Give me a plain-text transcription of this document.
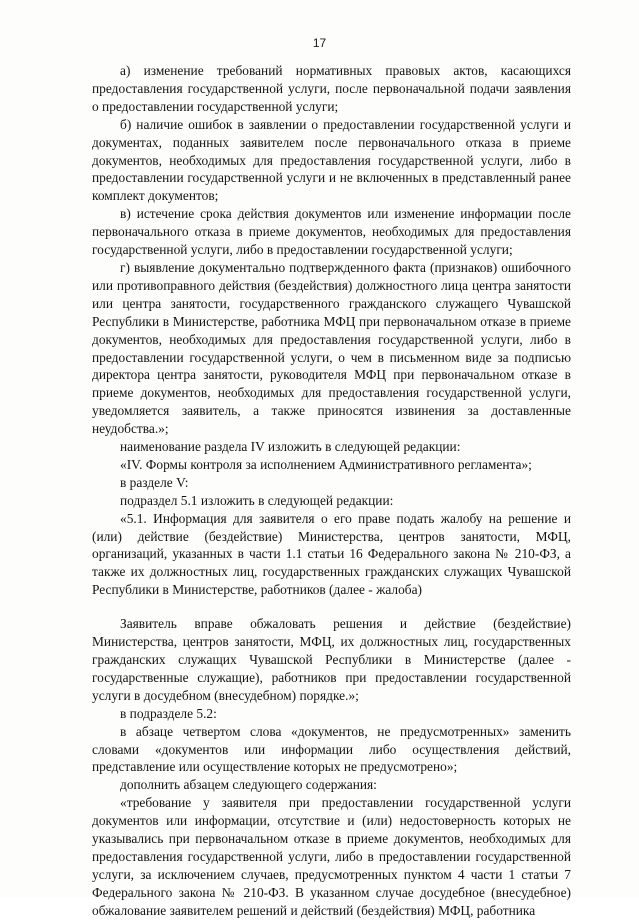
17

а) изменение требований нормативных правовых актов, касающихся предоставления государственной услуги, после первоначальной подачи заявления о предоставлении государственной услуги;

б) наличие ошибок в заявлении о предоставлении государственной услуги и документах, поданных заявителем после первоначального отказа в приеме документов, необходимых для предоставления государственной услуги, либо в предоставлении государственной услуги и не включенных в представленный ранее комплект документов;

в) истечение срока действия документов или изменение информации после первоначального отказа в приеме документов, необходимых для предоставления государственной услуги, либо в предоставлении государственной услуги;

г) выявление документально подтвержденного факта (признаков) ошибочного или противоправного действия (бездействия) должностного лица центра занятости или центра занятости, государственного гражданского служащего Чувашской Республики в Министерстве, работника МФЦ при первоначальном отказе в приеме документов, необходимых для предоставления государственной услуги, либо в предоставлении государственной услуги, о чем в письменном виде за подписью директора центра занятости, руководителя МФЦ при первоначальном отказе в приеме документов, необходимых для предоставления государственной услуги, уведомляется заявитель, а также приносятся извинения за доставленные неудобства.»;

наименование раздела IV изложить в следующей редакции:

«IV. Формы контроля за исполнением Административного регламента»;

в разделе V:

подраздел 5.1 изложить в следующей редакции:

«5.1. Информация для заявителя о его праве подать жалобу на решение и (или) действие (бездействие) Министерства, центров занятости, МФЦ, организаций, указанных в части 1.1 статьи 16 Федерального закона № 210-ФЗ, а также их должностных лиц, государственных гражданских служащих Чувашской Республики в Министерстве, работников (далее - жалоба)

Заявитель вправе обжаловать решения и действие (бездействие) Министерства, центров занятости, МФЦ, их должностных лиц, государственных гражданских служащих Чувашской Республики в Министерстве (далее - государственные служащие), работников при предоставлении государственной услуги в досудебном (внесудебном) порядке.»;

в подразделе 5.2:

в абзаце четвертом слова «документов, не предусмотренных» заменить словами «документов или информации либо осуществления действий, представление или осуществление которых не предусмотрено»;

дополнить абзацем следующего содержания:

«требование у заявителя при предоставлении государственной услуги документов или информации, отсутствие и (или) недостоверность которых не указывались при первоначальном отказе в приеме документов, необходимых для предоставления государственной услуги, либо в предоставлении государственной услуги, за исключением случаев, предусмотренных пунктом 4 части 1 статьи 7 Федерального закона № 210-ФЗ. В указанном случае досудебное (внесудебное) обжалование заявителем решений и действий (бездействия) МФЦ, работника
